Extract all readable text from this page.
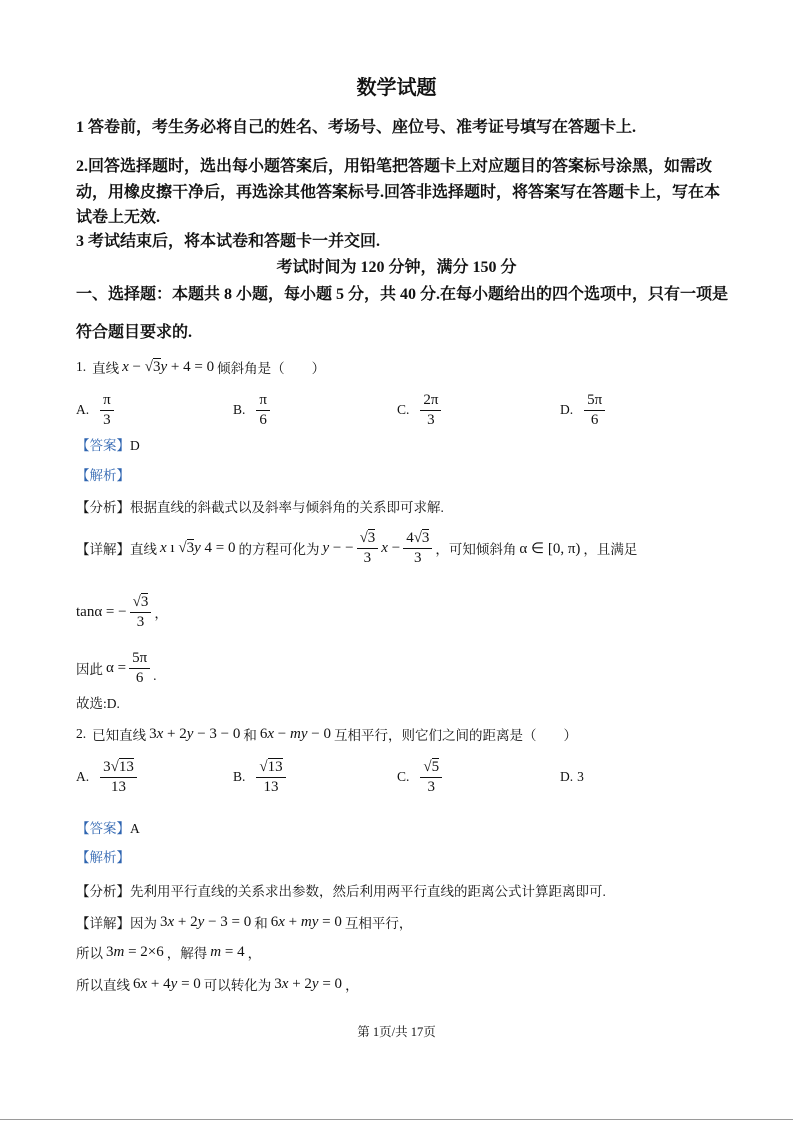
数学试题
1 答卷前，考生务必将自己的姓名、考场号、座位号、准考证号填写在答题卡上.
2.回答选择题时，选出每小题答案后，用铅笔把答题卡上对应题目的答案标号涂黑，如需改
动，用橡皮擦干净后，再选涂其他答案标号.回答非选择题时，将答案写在答题卡上，写在本
试卷上无效.
3 考试结束后，将本试卷和答题卡一并交回.
考试时间为 120 分钟，满分 150 分
一、选择题：本题共 8 小题，每小题 5 分，共 40 分.在每小题给出的四个选项中，只有一项是
符合题目要求的.
1. 直线 x − √3y + 4 = 0 倾斜角是（　　）
A. $\frac{\pi}{3}$	B. $\frac{\pi}{6}$	C. $\frac{2\pi}{3}$	D. $\frac{5\pi}{6}$
【答案】D
【解析】
【分析】根据直线的斜截式以及斜率与倾斜角的关系即可求解.
【详解】 直线 x ı √3y 4 = 0 的方程可化为 y − − $\frac{√3}{3}$ $x - \frac{4√3}{3}$ ，可知倾斜角 α ∈ [0, π) ，且满足
tanα = − $\frac{√3}{3}$ ，
因此 $\alpha = \frac{5\pi}{6}$ .
故选:D.
2. 已知直线 3x + 2y − 3 − 0 和 6x − my − 0 互相平行，则它们之间的距离是（　　）
A. $\frac{3√13}{13}$	B. $\frac{√13}{13}$	C. $\frac{√5}{3}$	D. 3
【答案】A
【解析】
【分析】先利用平行直线的关系求出参数，然后利用两平行直线的距离公式计算距离即可.
【详解】 因为 3x + 2y − 3 = 0 和 6x + my = 0 互相平行，
所以 3m = 2×6 ，解得 m = 4 ，
所以直线 6x + 4y = 0 可以转化为 3x + 2y = 0 ，
第 1页/共 17页
